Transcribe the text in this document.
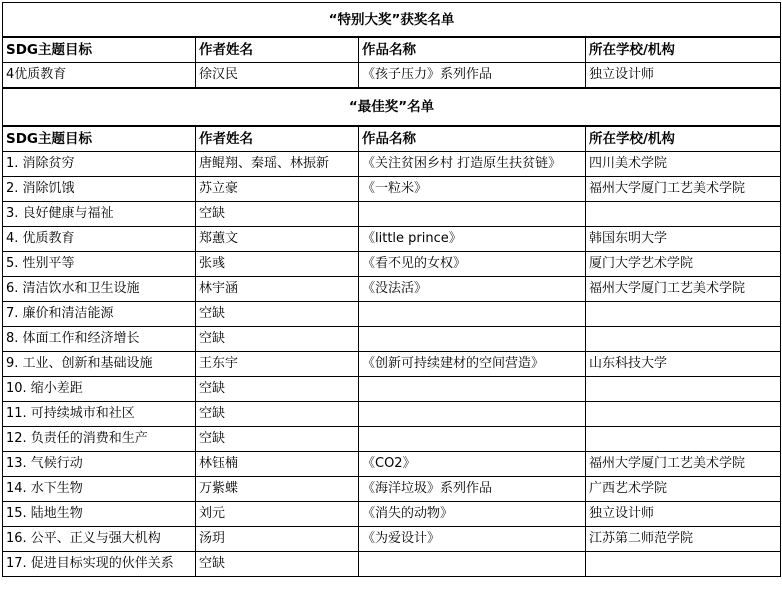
“特别大奖”获奖名单			
SDG主题目标	作者姓名	作品名称	所在学校/机构
4优质教育	徐汉民	《孩子压力》系列作品	独立设计师
“最佳奖”名单			
SDG主题目标	作者姓名	作品名称	所在学校/机构
1. 消除贫穷	唐鲲翔、秦瑶、林振新	《关注贫困乡村 打造原生扶贫链》	四川美术学院
2. 消除饥饿	苏立豪	《一粒米》	福州大学厦门工艺美术学院
3. 良好健康与福祉	空缺		
4. 优质教育	郑蕙文	《little prince》	韩国东明大学
5. 性别平等	张彧	《看不见的女权》	厦门大学艺术学院
6. 清洁饮水和卫生设施	林宇涵	《没法活》	福州大学厦门工艺美术学院
7. 廉价和清洁能源	空缺		
8. 体面工作和经济增长	空缺		
9. 工业、创新和基础设施	王东宇	《创新可持续建材的空间营造》	山东科技大学
10. 缩小差距	空缺		
11. 可持续城市和社区	空缺		
12. 负责任的消费和生产	空缺		
13. 气候行动	林钰楠	《CO2》	福州大学厦门工艺美术学院
14. 水下生物	万紫蝶	《海洋垃圾》系列作品	广西艺术学院
15. 陆地生物	刘元	《消失的动物》	独立设计师
16. 公平、正义与强大机构	汤玥	《为爱设计》	江苏第二师范学院
17. 促进目标实现的伙伴关系	空缺		
